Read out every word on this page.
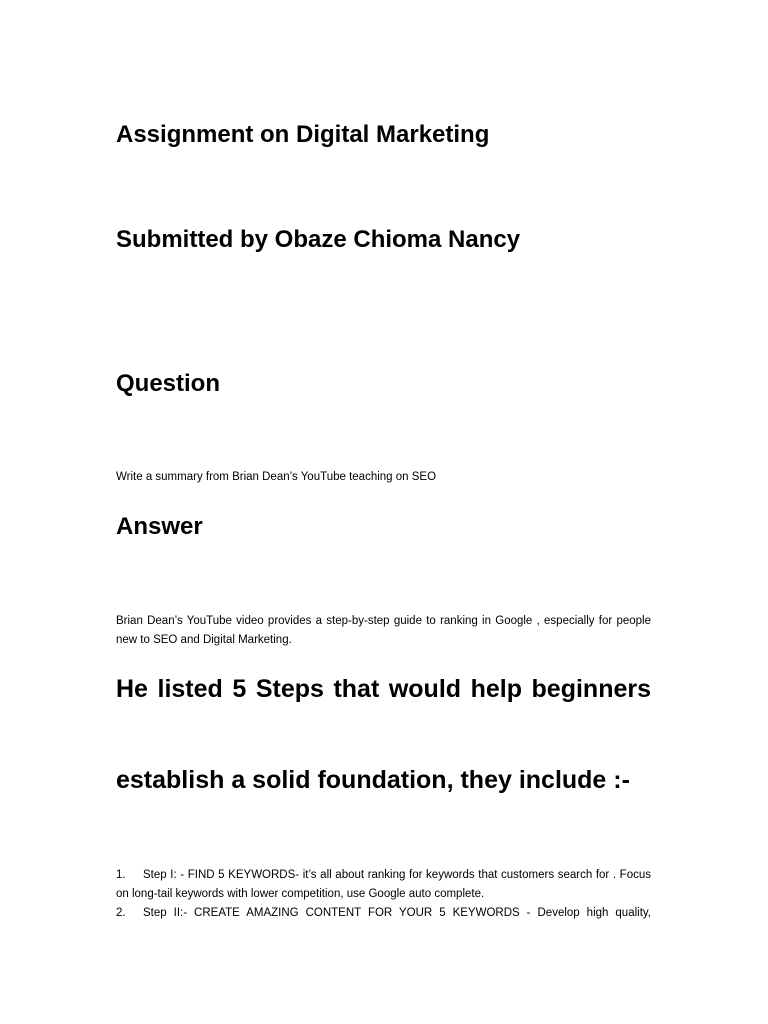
Assignment on Digital Marketing
Submitted by Obaze Chioma Nancy
Question

Write a summary from Brian Dean’s YouTube teaching on SEO

Answer

Brian Dean’s YouTube video provides a step-by-step guide to ranking in Google , especially for people new to SEO and Digital Marketing.

He listed 5 Steps that would help beginners
establish a solid foundation, they include :-
1.	Step I: - FIND 5 KEYWORDS- it’s all about ranking for keywords that customers search for . Focus on long-tail keywords with lower competition, use Google auto complete.

Step II:- CREATE AMAZING CONTENT FOR YOUR 5 KEYWORDS - Develop high quality,

2.
